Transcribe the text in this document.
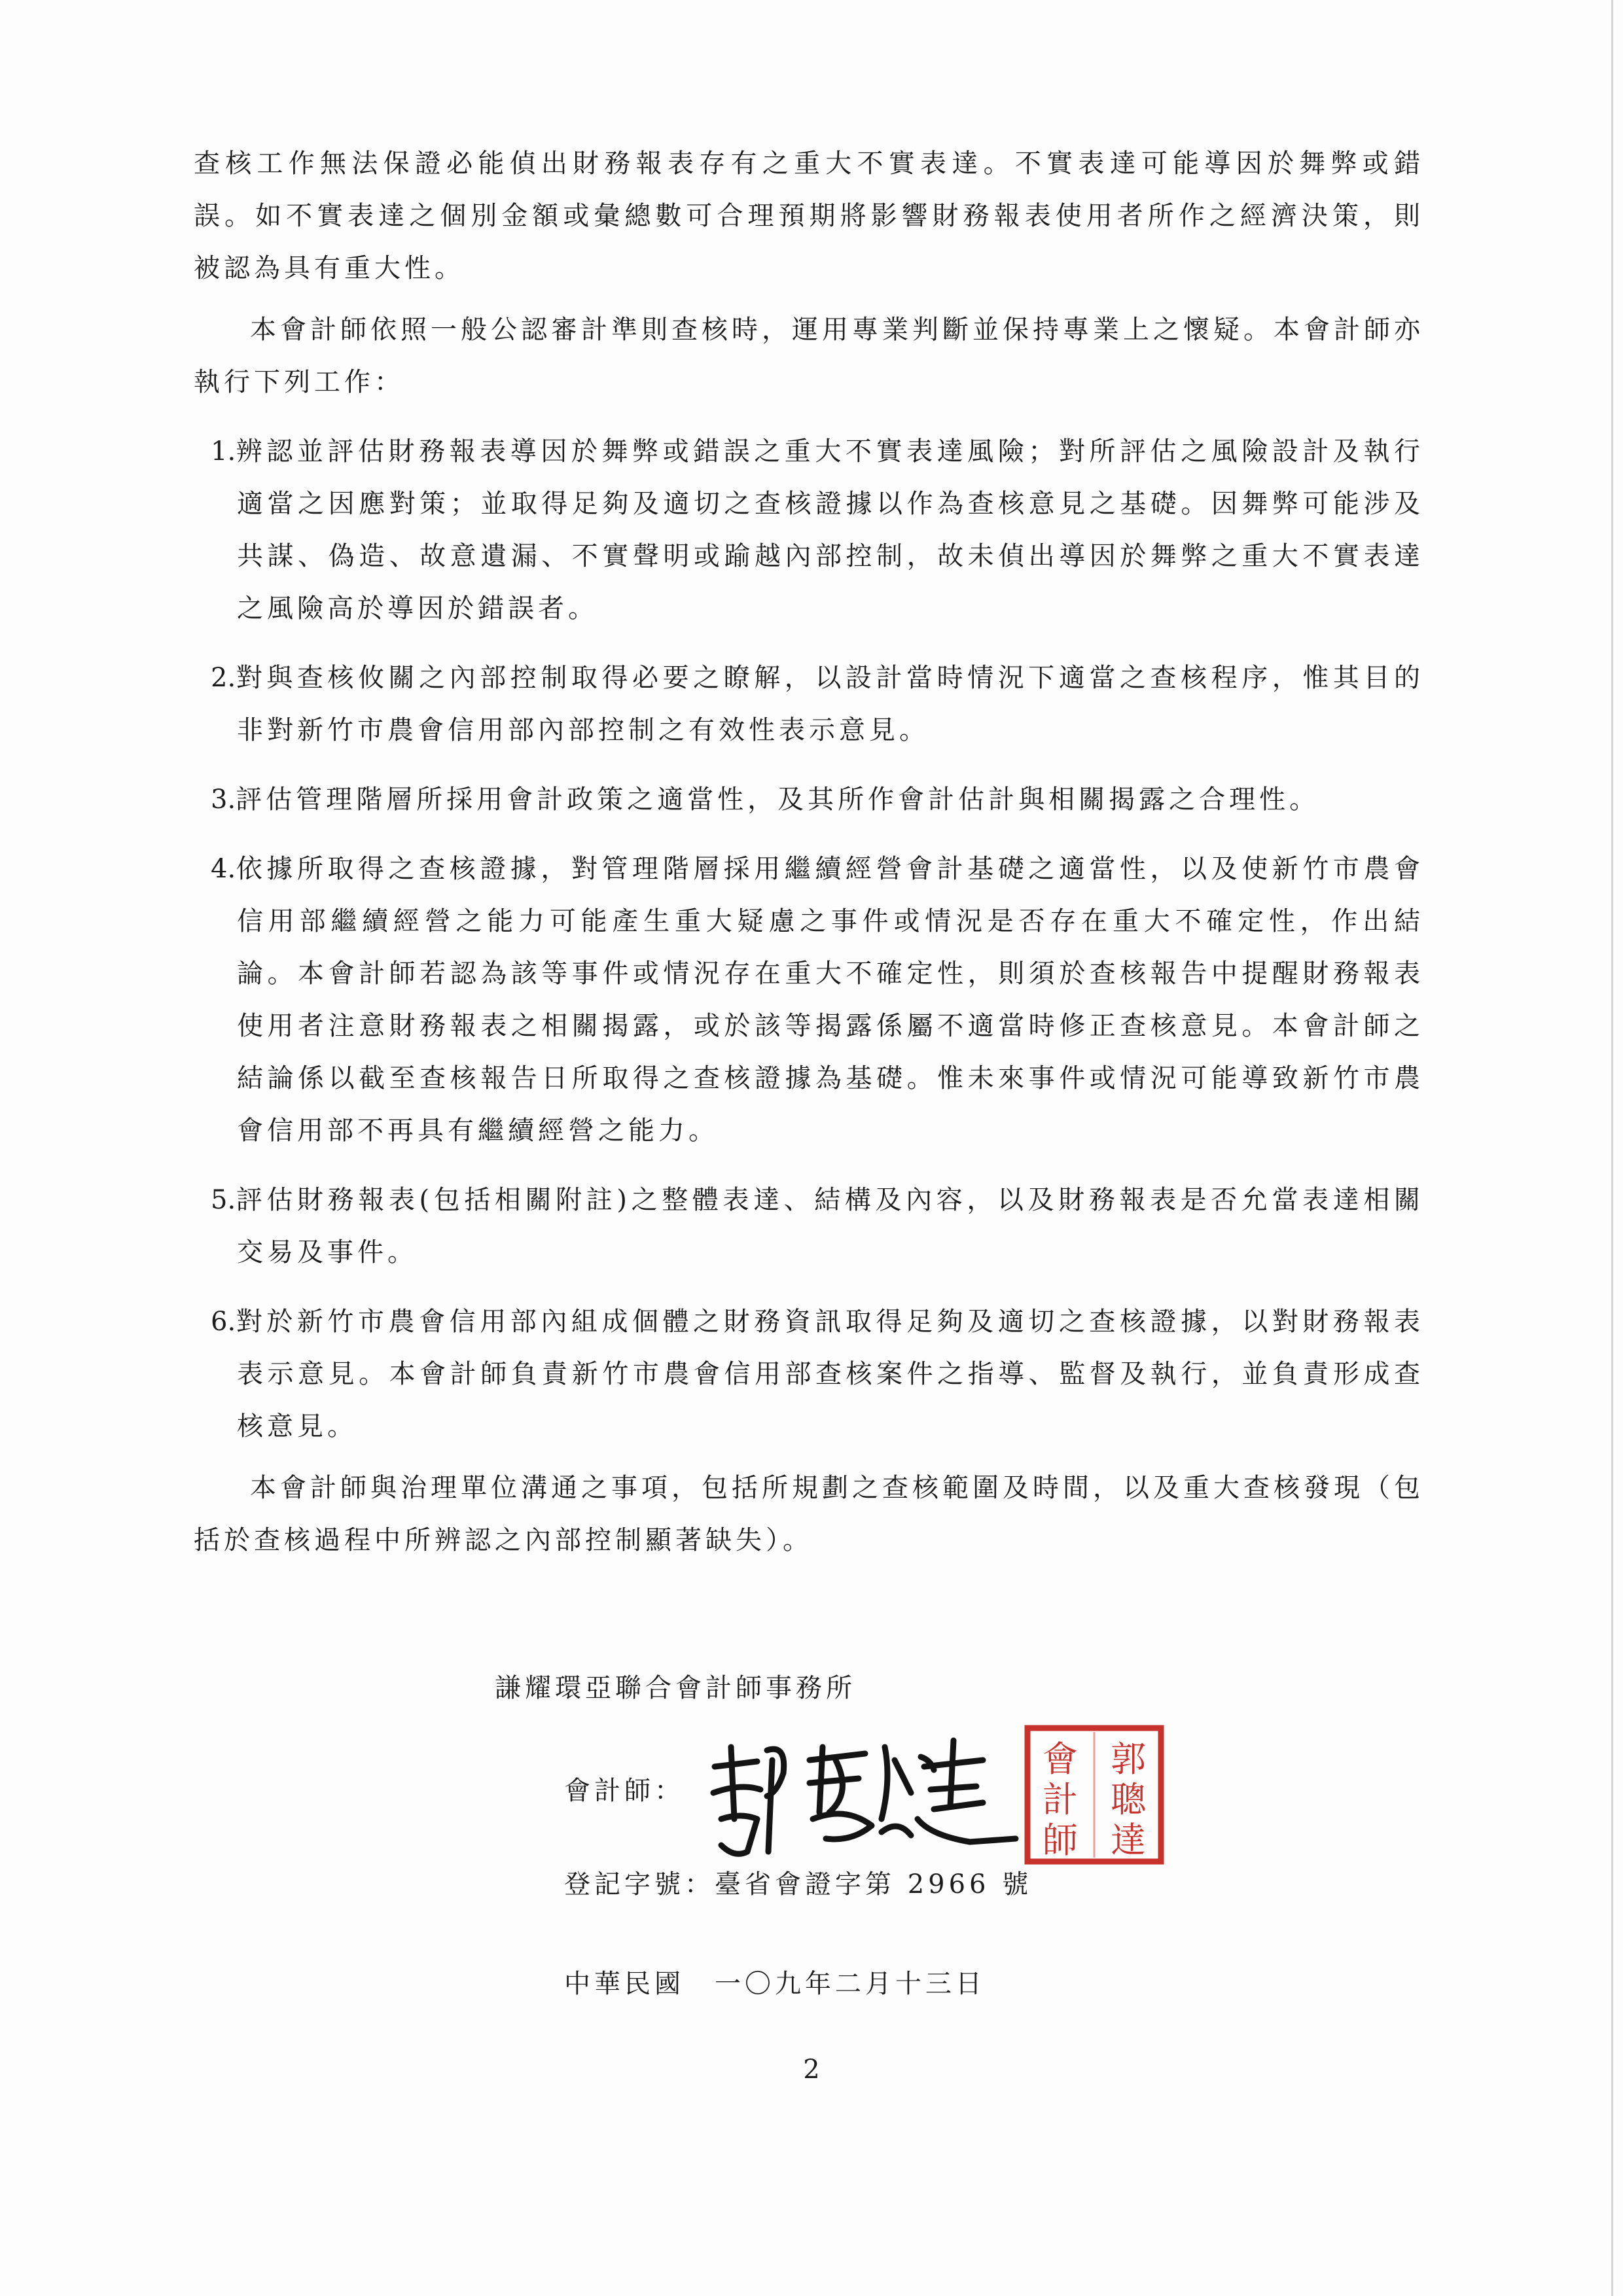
查核工作無法保證必能偵出財務報表存有之重大不實表達。不實表達可能導因於舞弊或錯誤。如不實表達之個別金額或彙總數可合理預期將影響財務報表使用者所作之經濟決策，則被認為具有重大性。

本會計師依照一般公認審計準則查核時，運用專業判斷並保持專業上之懷疑。本會計師亦執行下列工作：

1.辨認並評估財務報表導因於舞弊或錯誤之重大不實表達風險；對所評估之風險設計及執行適當之因應對策；並取得足夠及適切之查核證據以作為查核意見之基礎。因舞弊可能涉及共謀、偽造、故意遺漏、不實聲明或踰越內部控制，故未偵出導因於舞弊之重大不實表達之風險高於導因於錯誤者。

2.對與查核攸關之內部控制取得必要之瞭解，以設計當時情況下適當之查核程序，惟其目的非對新竹市農會信用部內部控制之有效性表示意見。

3.評估管理階層所採用會計政策之適當性，及其所作會計估計與相關揭露之合理性。

4.依據所取得之查核證據，對管理階層採用繼續經營會計基礎之適當性，以及使新竹市農會信用部繼續經營之能力可能產生重大疑慮之事件或情況是否存在重大不確定性，作出結論。本會計師若認為該等事件或情況存在重大不確定性，則須於查核報告中提醒財務報表使用者注意財務報表之相關揭露，或於該等揭露係屬不適當時修正查核意見。本會計師之結論係以截至查核報告日所取得之查核證據為基礎。惟未來事件或情況可能導致新竹市農會信用部不再具有繼續經營之能力。

5.評估財務報表(包括相關附註)之整體表達、結構及內容，以及財務報表是否允當表達相關交易及事件。

6.對於新竹市農會信用部內組成個體之財務資訊取得足夠及適切之查核證據，以對財務報表表示意見。本會計師負責新竹市農會信用部查核案件之指導、監督及執行，並負責形成查核意見。

本會計師與治理單位溝通之事項，包括所規劃之查核範圍及時間，以及重大查核發現（包括於查核過程中所辨認之內部控制顯著缺失）。

謙耀環亞聯合會計師事務所
會計師：
郭
聰
達
會
計
師
登記字號：臺省會證字第 2966 號
中華民國　一〇九年二月十三日
2
